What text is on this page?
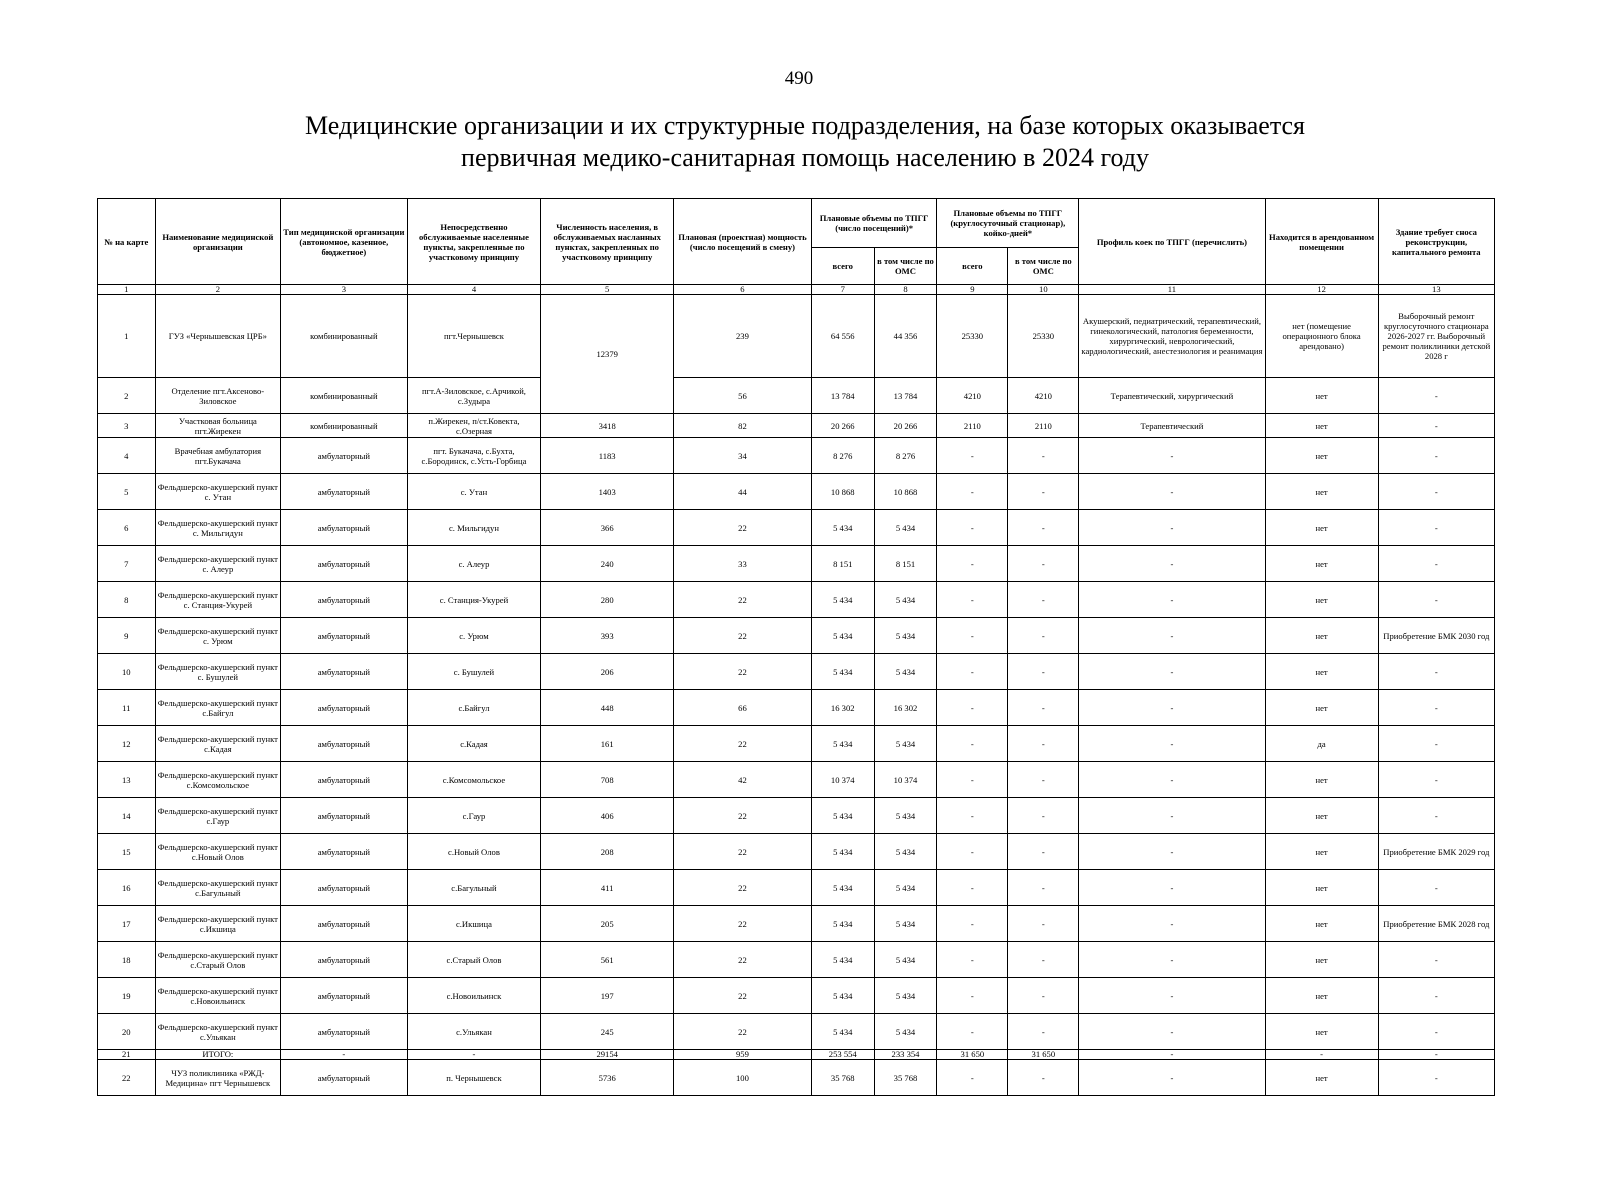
490
Медицинские организации и их структурные подразделения, на базе которых оказывается
первичная медико-санитарная помощь населению в 2024 году
№ на карте	Наименование медицинской организации	Тип медицинской организации (автономное, казенное, бюджетное)	Непосредственно обслуживаемые населенные пункты, закрепленные по участковому принципу	Численность населения, в обслуживаемых насланных пунктах, закрепленных по участковому принципу	Плановая (проектная) мощность (число посещений в смену)	Плановые объемы по ТПГГ (число посещений)*		Плановые объемы по ТПГГ (круглосуточный стационар), койко-дней*		Профиль коек по ТПГГ (перечислить)	Находится в арендованном помещении	Здание требует сноса реконструкции, капитального ремонта
						всего	в том числе по ОМС	всего	в том числе по ОМС			
1	2	3	4	5	6	7	8	9	10	11	12	13
1	ГУЗ «Чернышевская ЦРБ»	комбинированный	пгт.Чернышевск	12379	239	64 556	44 356	25330	25330	Акушерский, педиатрический, терапевтический, гинекологический, патология беременности, хирургический, неврологический, кардиологический, анестезиология и реанимация	нет (помещение операционного блока арендовано)	Выборочный ремонт круглосуточного стационара 2026-2027 гг. Выборочный ремонт поликлиники детской 2028 г
2	Отделение пгт.Аксеново-Зиловское	комбинированный	пгт.А-Зиловское, с.Арчикой, с.Зудыра		56	13 784	13 784	4210	4210	Терапевтический, хирургический	нет	-
3	Участковая больница пгт.Жирекен	комбинированный	п.Жирекен, п/ст.Ковекта, с.Озерная	3418	82	20 266	20 266	2110	2110	Терапевтический	нет	-
4	Врачебная амбулатория пгт.Букачача	амбулаторный	пгт. Букачача, с.Бухта, с.Бородинск, с.Усть-Горбица	1183	34	8 276	8 276	-	-	-	нет	-
5	Фельдшерско-акушерский пункт с. Утан	амбулаторный	с. Утан	1403	44	10 868	10 868	-	-	-	нет	-
6	Фельдшерско-акушерский пункт с. Мильгидун	амбулаторный	с. Мильгидун	366	22	5 434	5 434	-	-	-	нет	-
7	Фельдшерско-акушерский пункт с. Алеур	амбулаторный	с. Алеур	240	33	8 151	8 151	-	-	-	нет	-
8	Фельдшерско-акушерский пункт с. Станция-Укурей	амбулаторный	с. Станция-Укурей	280	22	5 434	5 434	-	-	-	нет	-
9	Фельдшерско-акушерский пункт с. Урюм	амбулаторный	с. Урюм	393	22	5 434	5 434	-	-	-	нет	Приобретение БМК 2030 год
10	Фельдшерско-акушерский пункт с. Бушулей	амбулаторный	с. Бушулей	206	22	5 434	5 434	-	-	-	нет	-
11	Фельдшерско-акушерский пункт с.Байгул	амбулаторный	с.Байгул	448	66	16 302	16 302	-	-	-	нет	-
12	Фельдшерско-акушерский пункт с.Кадая	амбулаторный	с.Кадая	161	22	5 434	5 434	-	-	-	да	-
13	Фельдшерско-акушерский пункт с.Комсомольское	амбулаторный	с.Комсомольское	708	42	10 374	10 374	-	-	-	нет	-
14	Фельдшерско-акушерский пункт с.Гаур	амбулаторный	с.Гаур	406	22	5 434	5 434	-	-	-	нет	-
15	Фельдшерско-акушерский пункт с.Новый Олов	амбулаторный	с.Новый Олов	208	22	5 434	5 434	-	-	-	нет	Приобретение БМК 2029 год
16	Фельдшерско-акушерский пункт с.Багульный	амбулаторный	с.Багульный	411	22	5 434	5 434	-	-	-	нет	-
17	Фельдшерско-акушерский пункт с.Икшица	амбулаторный	с.Икшица	205	22	5 434	5 434	-	-	-	нет	Приобретение БМК 2028 год
18	Фельдшерско-акушерский пункт с.Старый Олов	амбулаторный	с.Старый Олов	561	22	5 434	5 434	-	-	-	нет	-
19	Фельдшерско-акушерский пункт с.Новоильинск	амбулаторный	с.Новоильинск	197	22	5 434	5 434	-	-	-	нет	-
20	Фельдшерско-акушерский пункт с.Ульякан	амбулаторный	с.Ульякан	245	22	5 434	5 434	-	-	-	нет	-
21	ИТОГО:	-	-	29154	959	253 554	233 354	31 650	31 650	-	-	-
22	ЧУЗ поликлиника «РЖД-Медицина» пгт Чернышевск	амбулаторный	п. Чернышевск	5736	100	35 768	35 768	-	-	-	нет	-
